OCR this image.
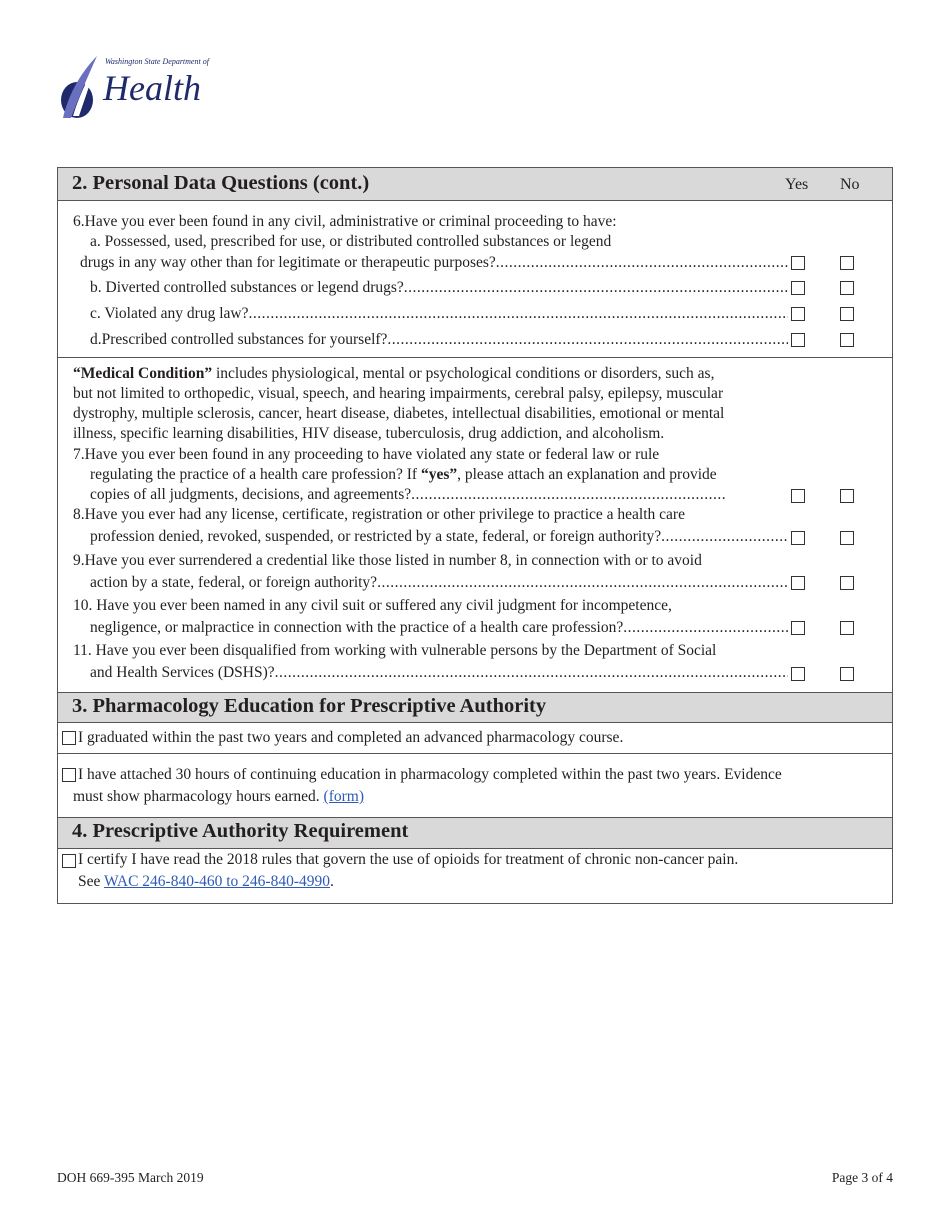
Washington State Department of
Health
2. Personal Data Questions (cont.)	Yes No
6.Have you ever been found in any civil, administrative or criminal proceeding to have:
a. Possessed, used, prescribed for use, or distributed controlled substances or legend
drugs in any way other than for legitimate or therapeutic purposes?
.....
b. Diverted controlled substances or legend drugs?
.....
c. Violated any drug law?
.....
d.Prescribed controlled substances for yourself?
.....
“Medical Condition” includes physiological, mental or psychological conditions or disorders, such as,
but not limited to orthopedic, visual, speech, and hearing impairments, cerebral palsy, epilepsy, muscular
dystrophy, multiple sclerosis, cancer, heart disease, diabetes, intellectual disabilities, emotional or mental
illness, specific learning disabilities, HIV disease, tuberculosis, drug addiction, and alcoholism.
7.Have you ever been found in any proceeding to have violated any state or federal law or rule
regulating the practice of a health care profession? If “yes”, please attach an explanation and provide
copies of all judgments, decisions, and agreements?
.....
8.Have you ever had any license, certificate, registration or other privilege to practice a health care
profession denied, revoked, suspended, or restricted by a state, federal, or foreign authority?
.....
9.Have you ever surrendered a credential like those listed in number 8, in connection with or to avoid
action by a state, federal, or foreign authority?
.....
10. Have you ever been named in any civil suit or suffered any civil judgment for incompetence,
negligence, or malpractice in connection with the practice of a health care profession?
.....
11. Have you ever been disqualified from working with vulnerable persons by the Department of Social
and Health Services (DSHS)?
.....
3. Pharmacology Education for Prescriptive Authority
I graduated within the past two years and completed an advanced pharmacology course.
I have attached 30 hours of continuing education in pharmacology completed within the past two years. Evidence
must show pharmacology hours earned. (form)
4. Prescriptive Authority Requirement
I certify I have read the 2018 rules that govern the use of opioids for treatment of chronic non-cancer pain.
See WAC 246-840-460 to 246-840-4990.
DOH 669-395 March 2019	Page 3 of 4
